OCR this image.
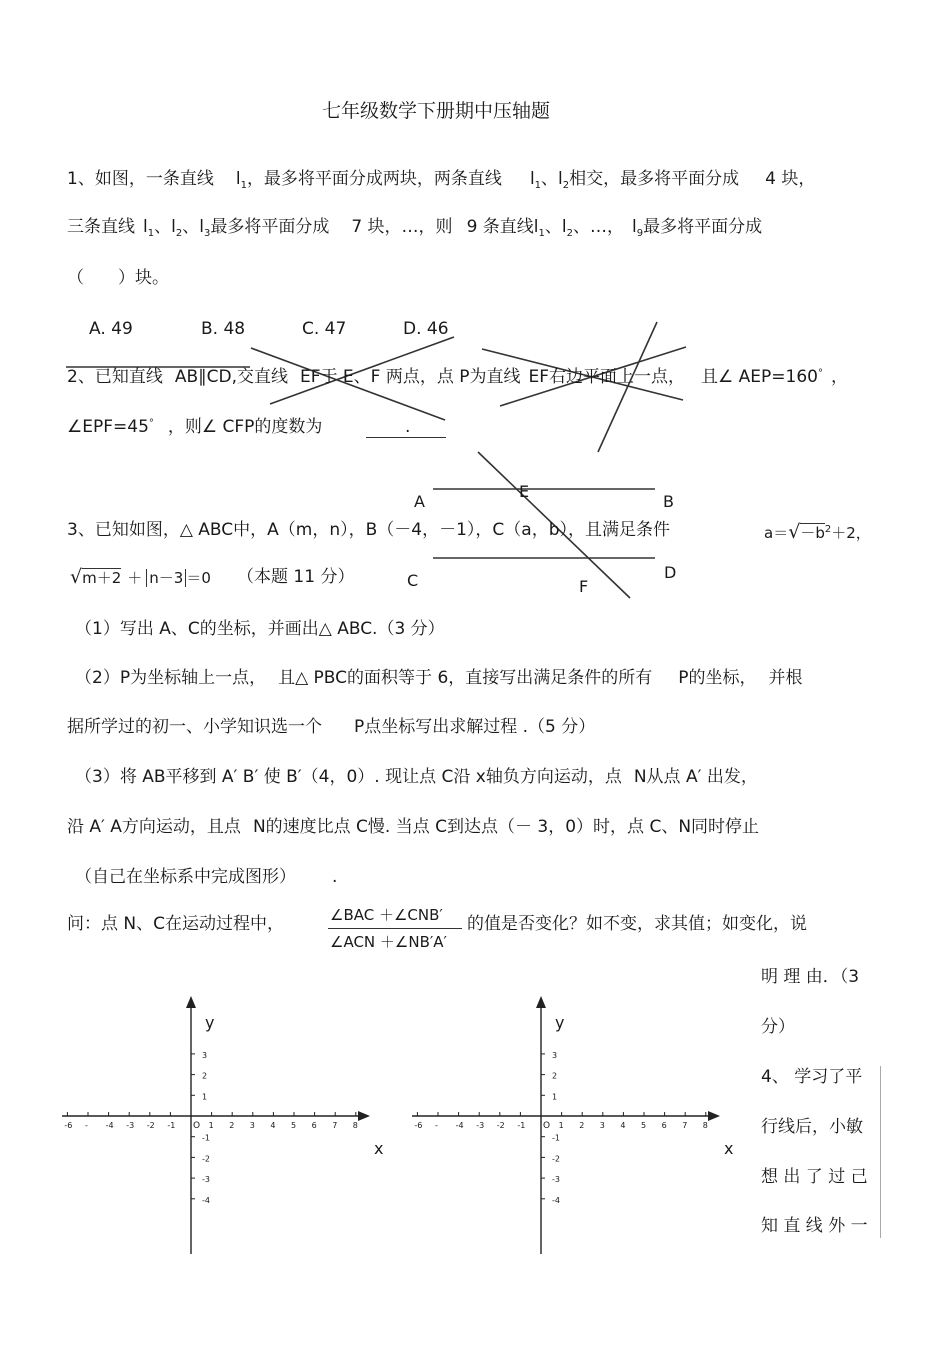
七年级数学下册期中压轴题
1、如图，一条直线 $l_1$，最多将平面分成两块，两条直线 $l_1$、$l_2$相交，最多将平面分成 4 块，
三条直线 $l_1$、$l_2$、$l_3$最多将平面分成 7 块，…，则 9 条直线$l_1$、$l_2$、…， $l_9$最多将平面分成
（　　）块。
A. 49	B. 48	C. 47	D. 46
A	B
C	D
E
F
2、已知直线 AB∥CD,交直线 EF于 E、F 两点，点 P为直线 EF右边平面上一点， 且∠ AEP=160° ，
∠EPF=45° ，则∠ CFP的度数为	.
3、已知如图，△ ABC中，A（m，n），B（－4，－1），C（a，b），且满足条件	$a=√-b^2+2$，
√m＋2 ＋ n－3 ＝0 （本题 11 分）
（1）写出 A、C的坐标，并画出△ ABC.（3 分）
（2）P为坐标轴上一点， 且△ PBC的面积等于 6，直接写出满足条件的所有 P的坐标， 并根
据所学过的初一、小学知识选一个 P点坐标写出求解过程 .（5 分）
（3）将 AB平移到 A′ B′ 使 B′（4，0）. 现让点 C沿 x轴负方向运动，点 N从点 A′ 出发，
沿 A′ A方向运动，且点 N的速度比点 C慢. 当点 C到达点（－ 3，0）时，点 C、N同时停止
（自己在坐标系中完成图形） .
问：点 N、C在运动过程中，	∠BAC ＋∠CNB′
∠ACN ＋∠NB′A′
的值是否变化？如不变，求其值；如变化，说
明 理 由．（3
分）
4、 学习了平
行线后，小敏
想 出 了 过 己
知 直 线 外 一
-6 - -4 -3 -2 -1	1 2 3 4 5 6 7 8
3
2
1
-1
-2
-3
-4
O
x
y
-6 - -4 -3 -2 -1	1 2 3 4 5 6 7 8
3
2
1
-1
-2
-3
-4
O
x
y
